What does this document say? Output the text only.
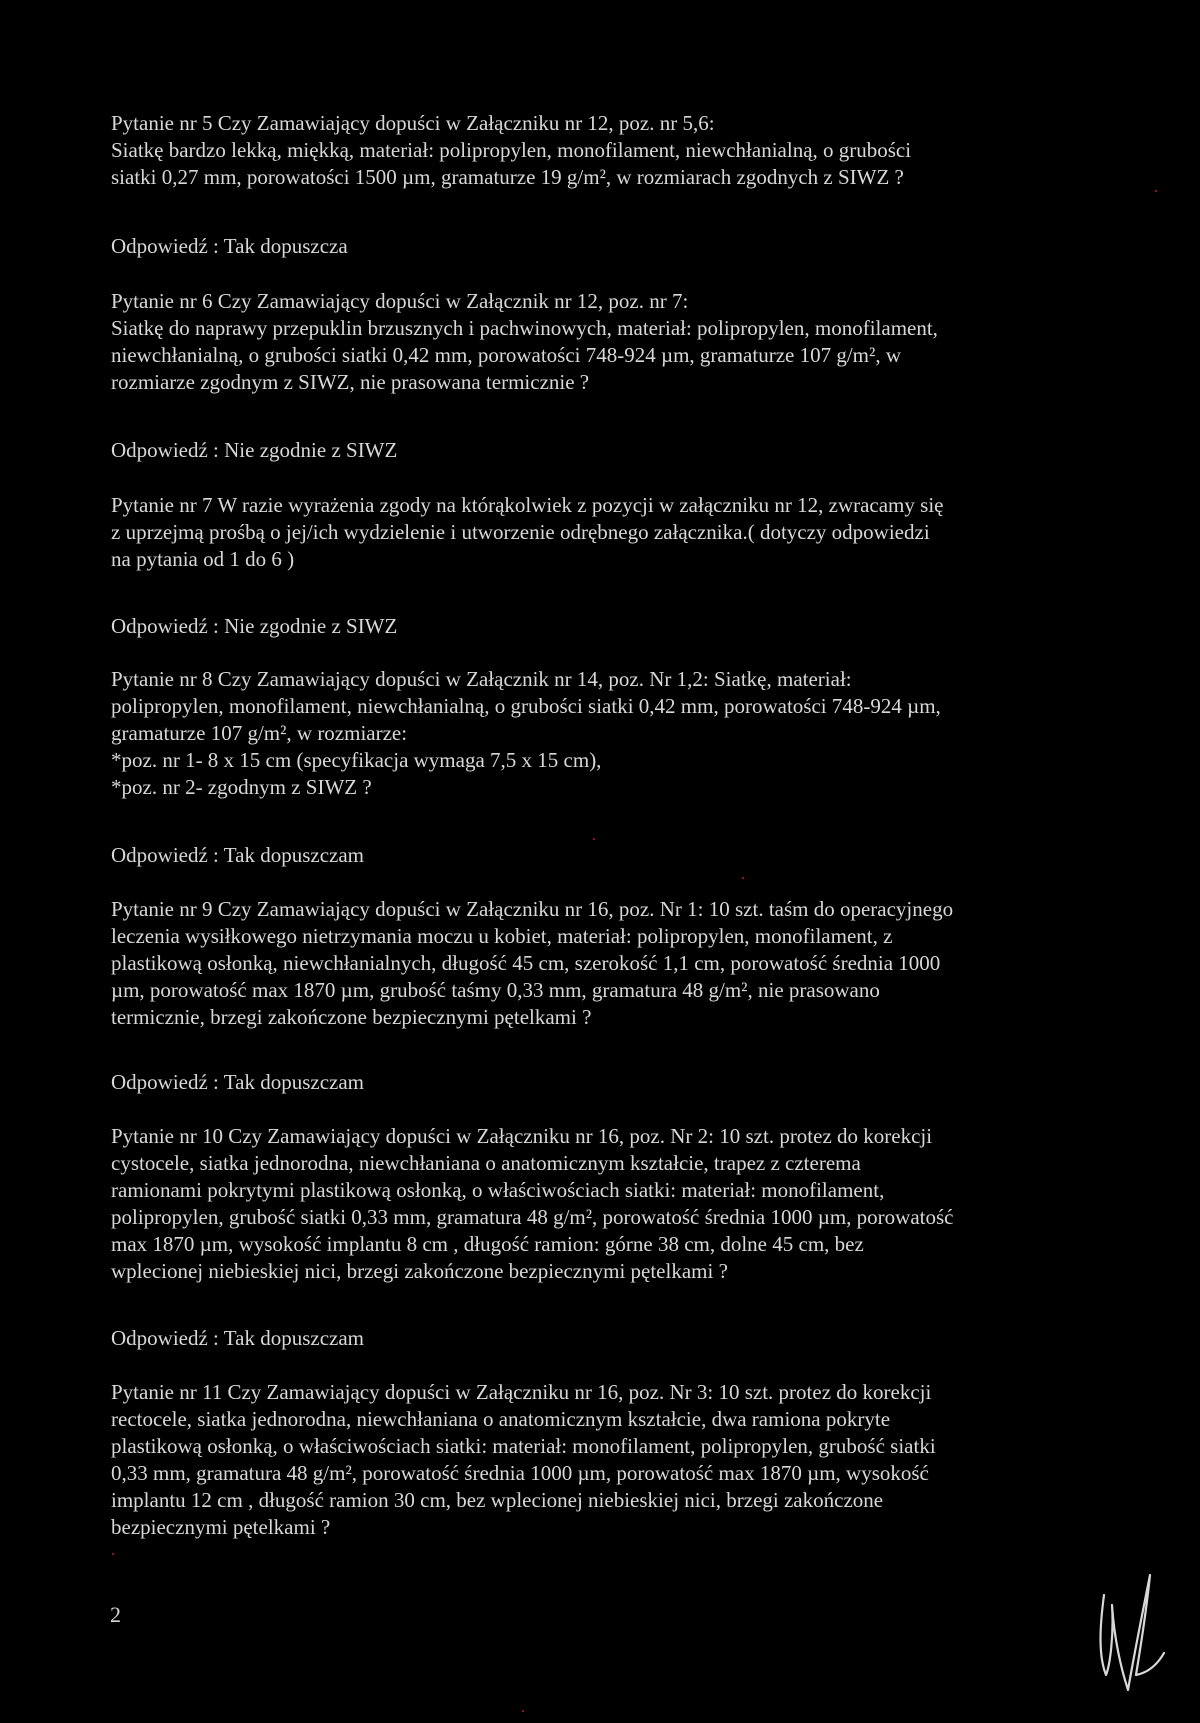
Pytanie nr 5 Czy Zamawiający dopuści w Załączniku nr 12, poz. nr 5,6:
Siatkę bardzo lekką, miękką, materiał: polipropylen, monofilament, niewchłanialną, o grubości
siatki 0,27 mm, porowatości 1500 µm, gramaturze 19 g/m², w rozmiarach zgodnych z SIWZ ?

Odpowiedź : Tak dopuszcza

Pytanie nr 6 Czy Zamawiający dopuści w Załącznik nr 12, poz. nr 7:
Siatkę do naprawy przepuklin brzusznych i pachwinowych, materiał: polipropylen, monofilament,
niewchłanialną, o grubości siatki 0,42 mm, porowatości 748-924 µm, gramaturze 107 g/m², w
rozmiarze zgodnym z SIWZ, nie prasowana termicznie ?

Odpowiedź : Nie zgodnie z SIWZ

Pytanie nr 7 W razie wyrażenia zgody na którąkolwiek z pozycji w załączniku nr 12, zwracamy się
z uprzejmą prośbą o jej/ich wydzielenie i utworzenie odrębnego załącznika.( dotyczy odpowiedzi
na pytania od 1 do 6 )

Odpowiedź : Nie zgodnie z SIWZ

Pytanie nr 8 Czy Zamawiający dopuści w Załącznik nr 14, poz. Nr 1,2: Siatkę, materiał:
polipropylen, monofilament, niewchłanialną, o grubości siatki 0,42 mm, porowatości 748-924 µm,
gramaturze 107 g/m², w rozmiarze:
*poz. nr 1- 8 x 15 cm (specyfikacja wymaga 7,5 x 15 cm),
*poz. nr 2- zgodnym z SIWZ ?

Odpowiedź : Tak dopuszczam

Pytanie nr 9 Czy Zamawiający dopuści w Załączniku nr 16, poz. Nr 1: 10 szt. taśm do operacyjnego
leczenia wysiłkowego nietrzymania moczu u kobiet, materiał: polipropylen, monofilament, z
plastikową osłonką, niewchłanialnych, długość 45 cm, szerokość 1,1 cm, porowatość średnia 1000
µm, porowatość max 1870 µm, grubość taśmy 0,33 mm, gramatura 48 g/m², nie prasowano
termicznie, brzegi zakończone bezpiecznymi pętelkami ?

Odpowiedź : Tak dopuszczam

Pytanie nr 10 Czy Zamawiający dopuści w Załączniku nr 16, poz. Nr 2: 10 szt. protez do korekcji
cystocele, siatka jednorodna, niewchłaniana o anatomicznym kształcie, trapez z czterema
ramionami pokrytymi plastikową osłonką, o właściwościach siatki: materiał: monofilament,
polipropylen, grubość siatki 0,33 mm, gramatura 48 g/m², porowatość średnia 1000 µm, porowatość
max 1870 µm, wysokość implantu 8 cm , długość ramion: górne 38 cm, dolne 45 cm, bez
wplecionej niebieskiej nici, brzegi zakończone bezpiecznymi pętelkami ?

Odpowiedź : Tak dopuszczam

Pytanie nr 11 Czy Zamawiający dopuści w Załączniku nr 16, poz. Nr 3: 10 szt. protez do korekcji
rectocele, siatka jednorodna, niewchłaniana o anatomicznym kształcie, dwa ramiona pokryte
plastikową osłonką, o właściwościach siatki: materiał: monofilament, polipropylen, grubość siatki
0,33 mm, gramatura 48 g/m², porowatość średnia 1000 µm, porowatość max 1870 µm, wysokość
implantu 12 cm , długość ramion 30 cm, bez wplecionej niebieskiej nici, brzegi zakończone
bezpiecznymi pętelkami ?

2
